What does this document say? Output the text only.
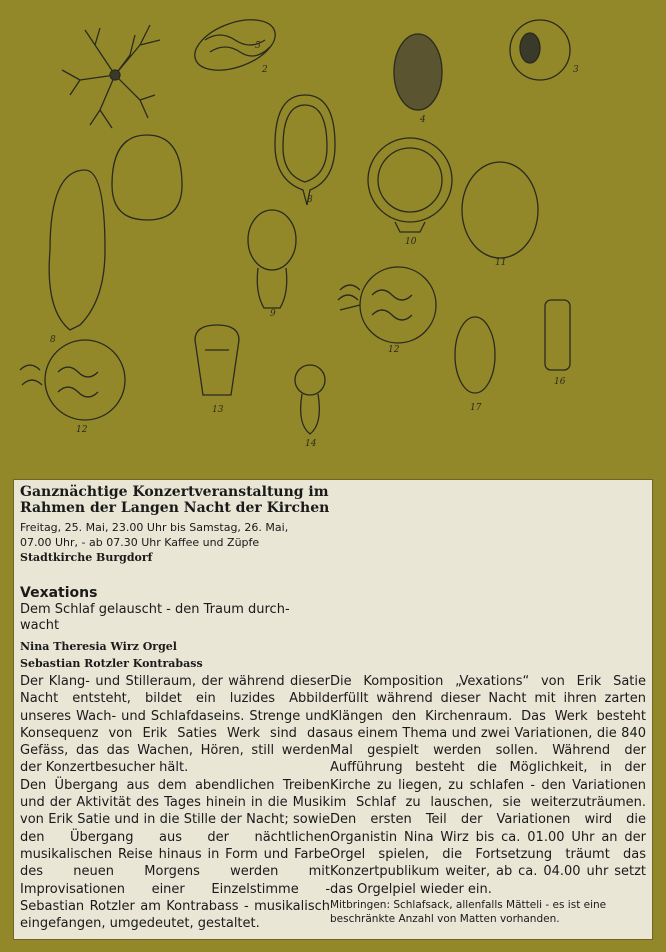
2	3
4
5
8
10
11
8
9
12
12
13
14
17
16
Ganznächtige Konzertveranstaltung im Rahmen der Langen Nacht der Kirchen
Freitag, 25. Mai, 23.00 Uhr bis Samstag, 26. Mai, 07.00 Uhr, - ab 07.30 Uhr Kaffee und Züpfe
Stadtkirche Burgdorf
Vexations
Dem Schlaf gelauscht - den Traum durch-wacht
Nina Theresia Wirz Orgel
Sebastian Rotzler Kontrabass

Der Klang- und Stilleraum, der während dieser Nacht entsteht, bildet ein luzides Abbild unseres Wach- und Schlafdaseins. Strenge und Konsequenz von Erik Saties Werk sind das Gefäss, das das Wachen, Hören, still werden der Konzertbesucher hält.

Den Übergang aus dem abendlichen Treiben und der Aktivität des Tages hinein in die Musik von Erik Satie und in die Stille der Nacht; sowie den Übergang aus der nächtlichen musikalischen Reise hinaus in Form und Farbe des neuen Morgens werden mit Improvisationen einer Einzelstimme - Sebastian Rotzler am Kontrabass - musikalisch eingefangen, umgedeutet, gestaltet.

Die Komposition „Vexations“ von Erik Satie erfüllt während dieser Nacht mit ihren zarten Klängen den Kirchenraum. Das Werk besteht aus einem Thema und zwei Variationen, die 840 Mal gespielt werden sollen. Während der Aufführung besteht die Möglichkeit, in der Kirche zu liegen, zu schlafen - den Variationen im Schlaf zu lauschen, sie weiterzuträumen. Den ersten Teil der Variationen wird die Organistin Nina Wirz bis ca. 01.00 Uhr an der Orgel spielen, die Fortsetzung träumt das Konzertpublikum weiter, ab ca. 04.00 uhr setzt das Orgelpiel wieder ein.

Mitbringen: Schlafsack, allenfalls Mätteli - es ist eine beschränkte Anzahl von Matten vorhanden.
